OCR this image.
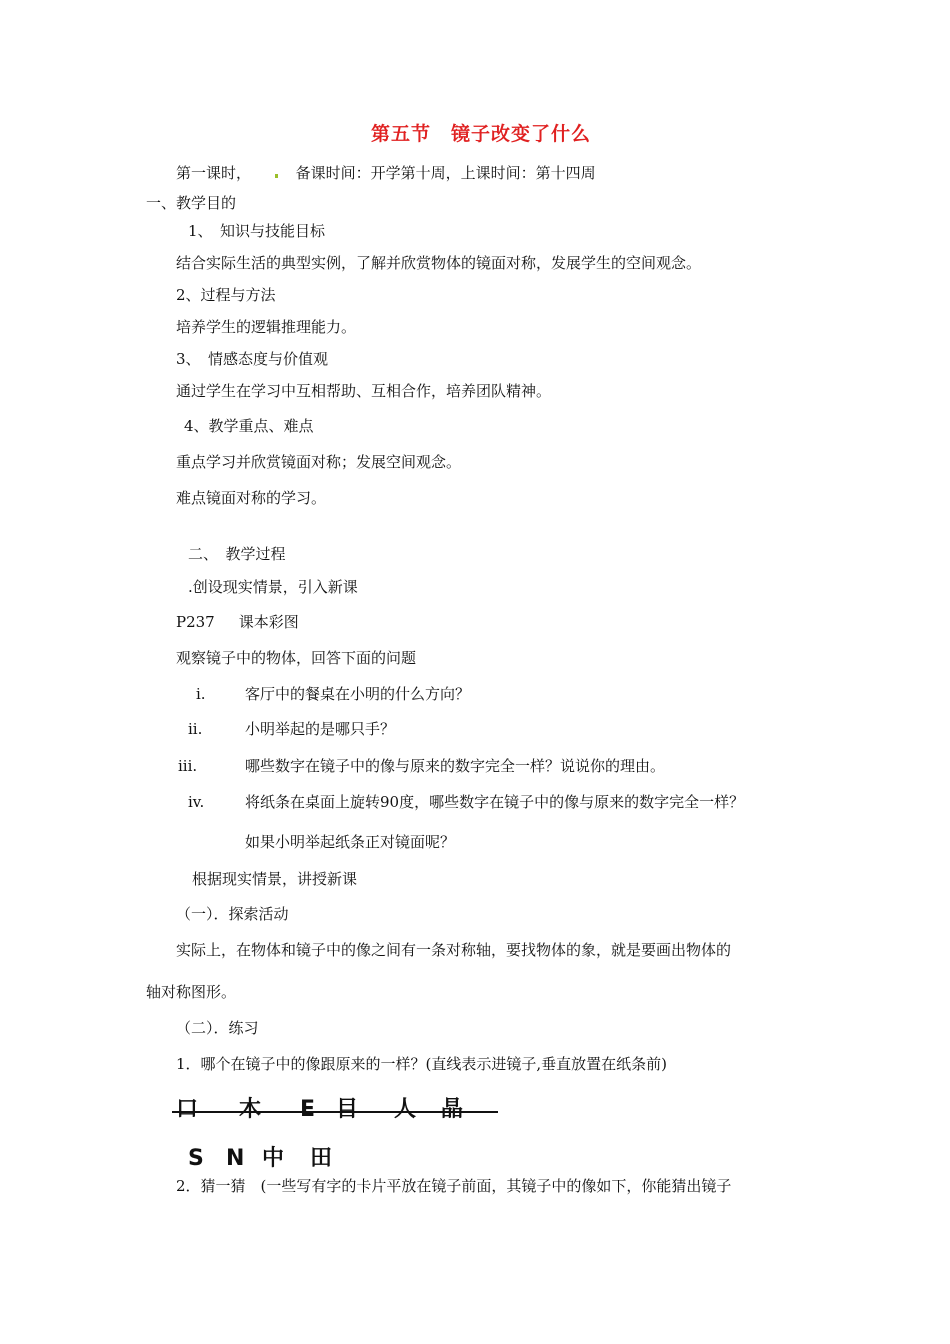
第五节　镜子改变了什么
第一课时，	备课时间：开学第十周，上课时间：第十四周
一、教学目的
1、　知识与技能目标
结合实际生活的典型实例，了解并欣赏物体的镜面对称，发展学生的空间观念。
2、过程与方法
培养学生的逻辑推理能力。
3、　情感态度与价值观
通过学生在学习中互相帮助、互相合作，培养团队精神。
4、教学重点、难点
重点学习并欣赏镜面对称；发展空间观念。
难点镜面对称的学习。
二、　教学过程
.创设现实情景，引入新课
P237 课本彩图
观察镜子中的物体，回答下面的问题
i.	客厅中的餐桌在小明的什么方向？
ii.	小明举起的是哪只手？
iii.	哪些数字在镜子中的像与原来的数字完全一样？说说你的理由。
iv.	将纸条在桌面上旋转90度，哪些数字在镜子中的像与原来的数字完全一样？
如果小明举起纸条正对镜面呢？
根据现实情景，讲授新课
（一）．探索活动
实际上，在物体和镜子中的像之间有一条对称轴，要找物体的象，就是要画出物体的
轴对称图形。
（二）．练习
1．哪个在镜子中的像跟原来的一样？(直线表示进镜子,垂直放置在纸条前)
口 木 E 目 人 晶
S N 中 田
2．猜一猜　(一些写有字的卡片平放在镜子前面，其镜子中的像如下，你能猜出镜子
